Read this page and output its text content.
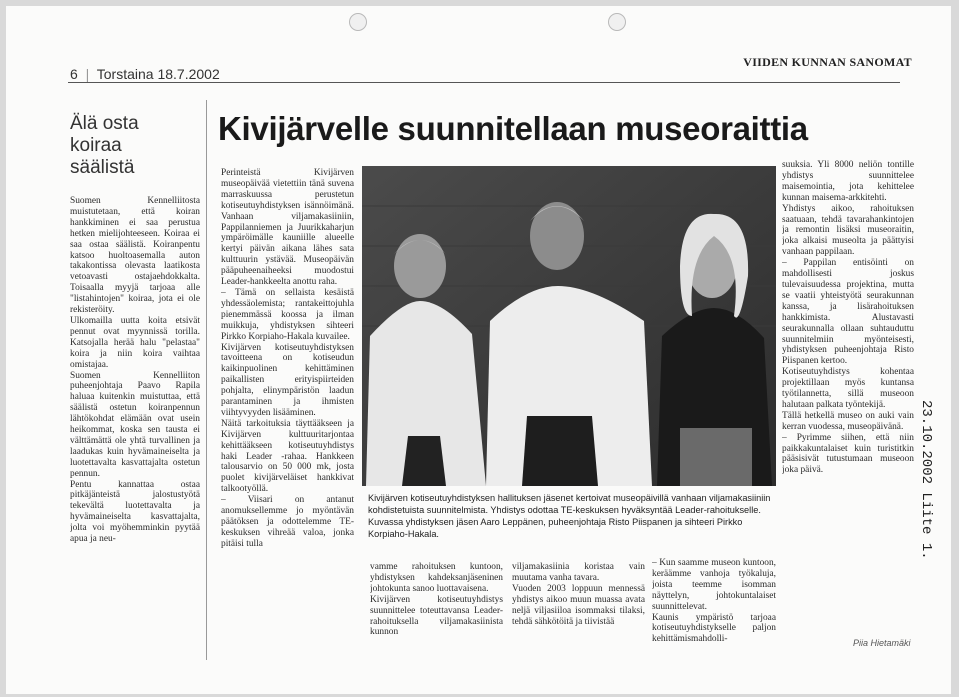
6  |  Torstaina 18.7.2002
VIIDEN KUNNAN SANOMAT
Älä osta koiraa säälistä
Suomen Kennelliitosta muistutetaan, että koiran hankkiminen ei saa perustua hetken mielijohteeseen. Koiraa ei saa ostaa säälistä. Koiranpentu katsoo huoltoasemalla auton takakontissa olevasta laatikosta vetoavasti ostajaehdokkalta. Toisaalla myyjä tarjoaa alle "listahintojen" koiraa, jota ei ole rekisteröity.
Ulkomailla uutta koita etsivät pennut ovat myynnissä torilla. Katsojalla herää halu "pelastaa" koira ja niin koira vaihtaa omistajaa.
Suomen Kennelliiton puheenjohtaja Paavo Rapila haluaa kuitenkin muistuttaa, että säälistä ostetun koiranpennun lähtökohdat elämään ovat usein heikommat, koska sen tausta ei välttämättä ole yhtä turvallinen ja laadukas kuin hyvämaineiselta ja luotettavalta kasvattajalta ostetun pennun.
Pentu kannattaa ostaa pitkäjänteistä jalostustyötä tekevältä luotettavalta ja hyvämaineiselta kasvattajalta, jolta voi myöhemminkin pyytää apua ja neu-
Kivijärvelle suunnitellaan museoraittia
Perinteistä Kivijärven museopäivää vietettiin tänä suvena marraskuussa perustetun kotiseutuyhdistyksen isännöimänä. Vanhaan viljamakasiiniin, Pappilanniemen ja Juurikkaharjun ympäröimälle kauniille alueelle kertyi päivän aikana lähes sata kulttuurin ystävää. Museopäivän pääpuheenaiheeksi muodostui Leader-hankkeelta anottu raha.
– Tämä on sellaista kesäistä yhdessäolemista; rantakeittojuhla pienemmässä koossa ja ilman muikkuja, yhdistyksen sihteeri Pirkko Korpiaho-Hakala kuvailee.
Kivijärven kotiseutuyhdistyksen tavoitteena on kotiseudun kaikinpuolinen kehittäminen paikallisten erityispiirteiden pohjalta, elinympäristön laadun parantaminen ja ihmisten viihtyvyyden lisääminen.
Näitä tarkoituksia täyttääkseen ja Kivijärven kulttuuritarjontaa kehittääkseen kotiseutuyhdistys haki Leader -rahaa. Hankkeen talousarvio on 50 000 mk, josta puolet kivijärveläiset hankkivat talkootyöllä.
– Viisari on antanut anomuksellemme jo myöntävän päätöksen ja odottelemme TE-keskuksen vihreää valoa, jonka pitäisi tulla
Kivijärven kotiseutuyhdistyksen hallituksen jäsenet kertoivat museopäivillä vanhaan viljamakasiiniin kohdistetuista suunnitelmista. Yhdistys odottaa TE-keskuksen hyväksyntää Leader-rahoitukselle. Kuvassa yhdistyksen jäsen Aaro Leppänen, puheenjohtaja Risto Piispanen ja sihteeri Pirkko Korpiaho-Hakala.
vamme rahoituksen kuntoon, yhdistyksen kahdeksanjäseninen johtokunta sanoo luottavaisena.
Kivijärven kotiseutuyhdistys suunnittelee toteuttavansa Leader-rahoituksella viljamakasiinista kunnon
viljamakasiinia koristaa vain muutama vanha tavara.
Vuoden 2003 loppuun mennessä yhdistys aikoo muun muassa avata neljä viljasiiloa isommaksi tilaksi, tehdä sähkötöitä ja tiivistää
– Kun saamme museon kuntoon, keräämme vanhoja työkaluja, joista teemme isomman näyttelyn, johtokuntalaiset suunnittelevat.
Kaunis ympäristö tarjoaa kotiseutuyhdistykselle paljon kehittämismahdolli-
suuksia. Yli 8000 neliön tontille yhdistys suunnittelee maisemointia, jota kehittelee kunnan maisema-arkkitehti.
Yhdistys aikoo, rahoituksen saatuaan, tehdä tavarahankintojen ja remontin lisäksi museoraitin, joka alkaisi museolta ja päättyisi vanhaan pappilaan.
– Pappilan entisöinti on mahdollisesti joskus tulevaisuudessa projektina, mutta se vaatii yhteistyötä seurakunnan kanssa, ja lisärahoituksen hankkimista. Alustavasti seurakunnalla ollaan suhtauduttu suunnitelmiin myönteisesti, yhdistyksen puheenjohtaja Risto Piispanen kertoo.
Kotiseutuyhdistys kohentaa projektillaan myös kuntansa työtilannetta, sillä museoon halutaan palkata työntekijä.
Tällä hetkellä museo on auki vain kerran vuodessa, museopäivänä.
– Pyrimme siihen, että niin paikkakuntalaiset kuin turistitkin pääsisivät tutustumaan museoon joka päivä.
Piia Hietamäki
23.10.2002 Liite 1.
